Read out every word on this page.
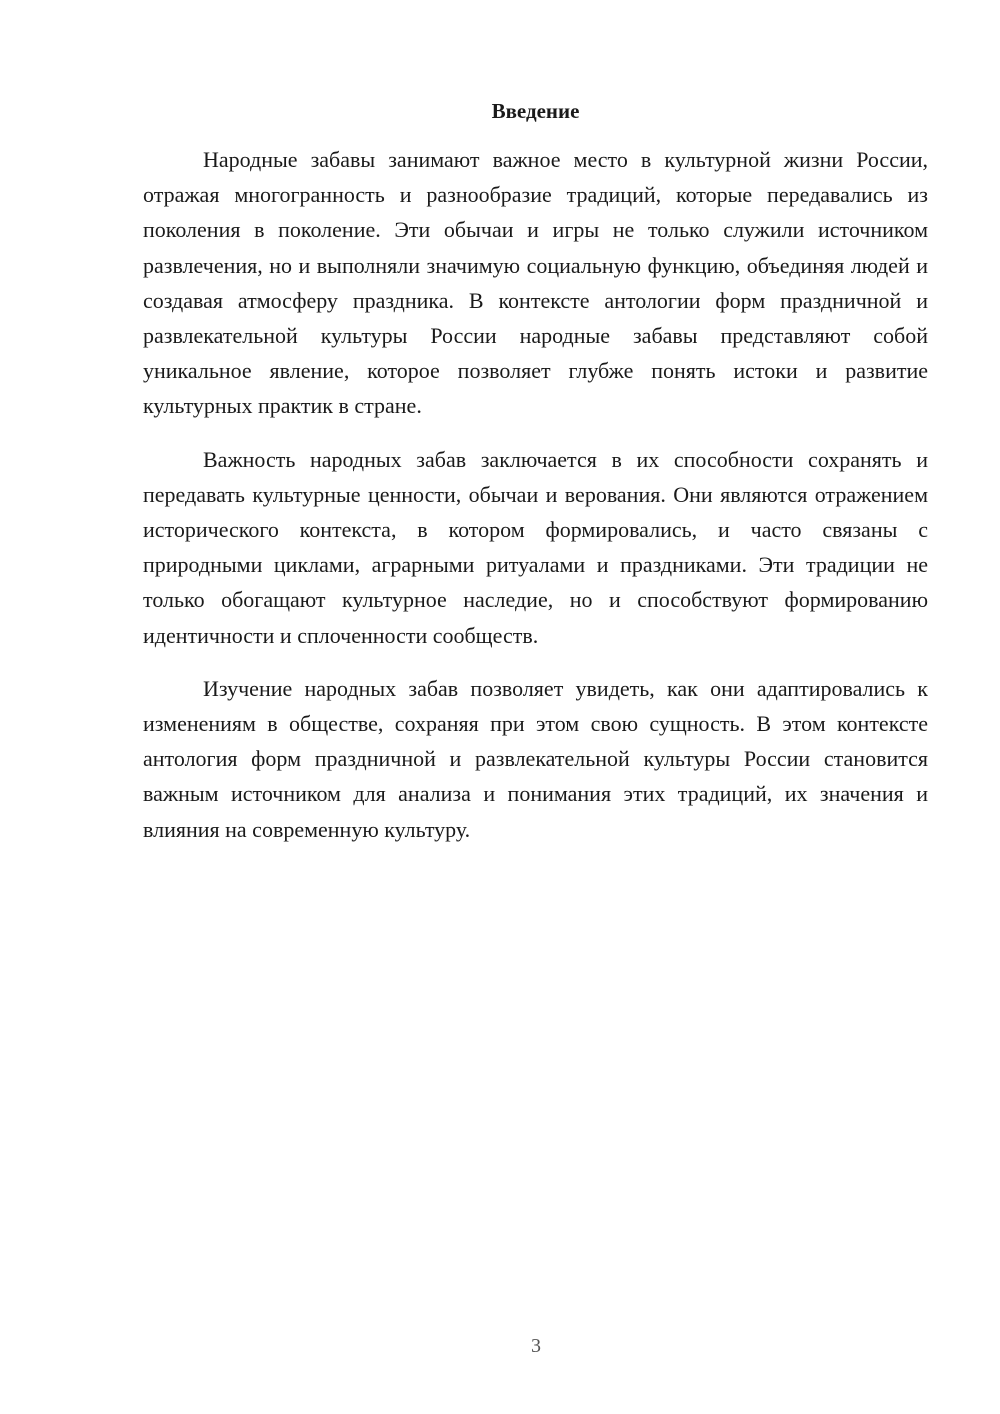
Введение

Народные забавы занимают важное место в культурной жизни России, отражая многогранность и разнообразие традиций, которые передавались из поколения в поколение. Эти обычаи и игры не только служили источником развлечения, но и выполняли значимую социальную функцию, объединяя людей и создавая атмосферу праздника. В контексте антологии форм праздничной и развлекательной культуры России народные забавы представляют собой уникальное явление, которое позволяет глубже понять истоки и развитие культурных практик в стране.

Важность народных забав заключается в их способности сохранять и передавать культурные ценности, обычаи и верования. Они являются отражением исторического контекста, в котором формировались, и часто связаны с природными циклами, аграрными ритуалами и праздниками. Эти традиции не только обогащают культурное наследие, но и способствуют формированию идентичности и сплоченности сообществ.

Изучение народных забав позволяет увидеть, как они адаптировались к изменениям в обществе, сохраняя при этом свою сущность. В этом контексте антология форм праздничной и развлекательной культуры России становится важным источником для анализа и понимания этих традиций, их значения и влияния на современную культуру.

3
